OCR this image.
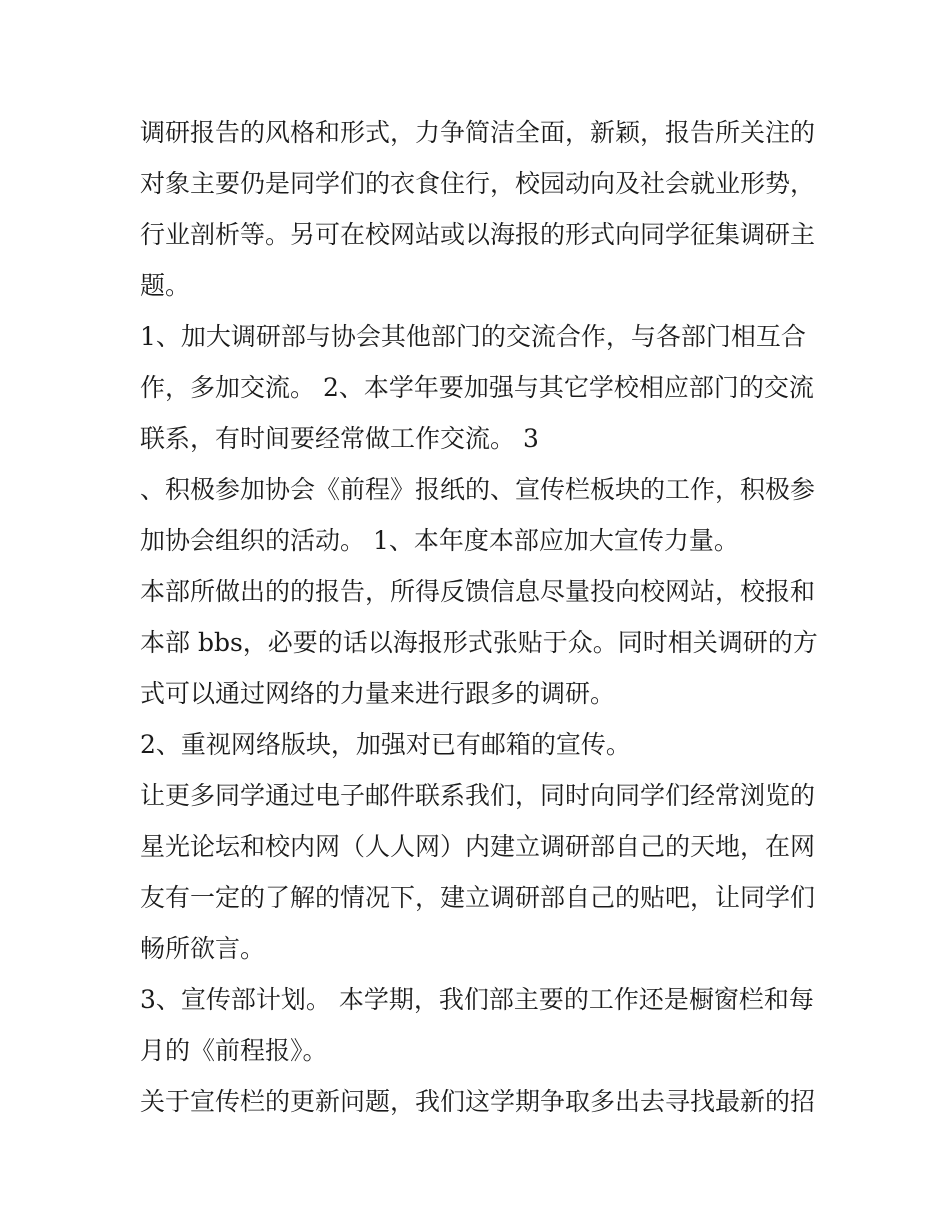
调研报告的风格和形式，力争简洁全面，新颖，报告所关注的
对象主要仍是同学们的衣食住行，校园动向及社会就业形势，
行业剖析等。另可在校网站或以海报的形式向同学征集调研主
题。
1、加大调研部与协会其他部门的交流合作，与各部门相互合
作，多加交流。 2、本学年要加强与其它学校相应部门的交流
联系，有时间要经常做工作交流。 3
、积极参加协会《前程》报纸的、宣传栏板块的工作，积极参
加协会组织的活动。 1、本年度本部应加大宣传力量。
本部所做出的的报告，所得反馈信息尽量投向校网站，校报和
本部 bbs，必要的话以海报形式张贴于众。同时相关调研的方
式可以通过网络的力量来进行跟多的调研。
2、重视网络版块，加强对已有邮箱的宣传。
让更多同学通过电子邮件联系我们，同时向同学们经常浏览的
星光论坛和校内网（人人网）内建立调研部自己的天地，在网
友有一定的了解的情况下，建立调研部自己的贴吧，让同学们
畅所欲言。
3、宣传部计划。 本学期，我们部主要的工作还是橱窗栏和每
月的《前程报》。
关于宣传栏的更新问题，我们这学期争取多出去寻找最新的招
